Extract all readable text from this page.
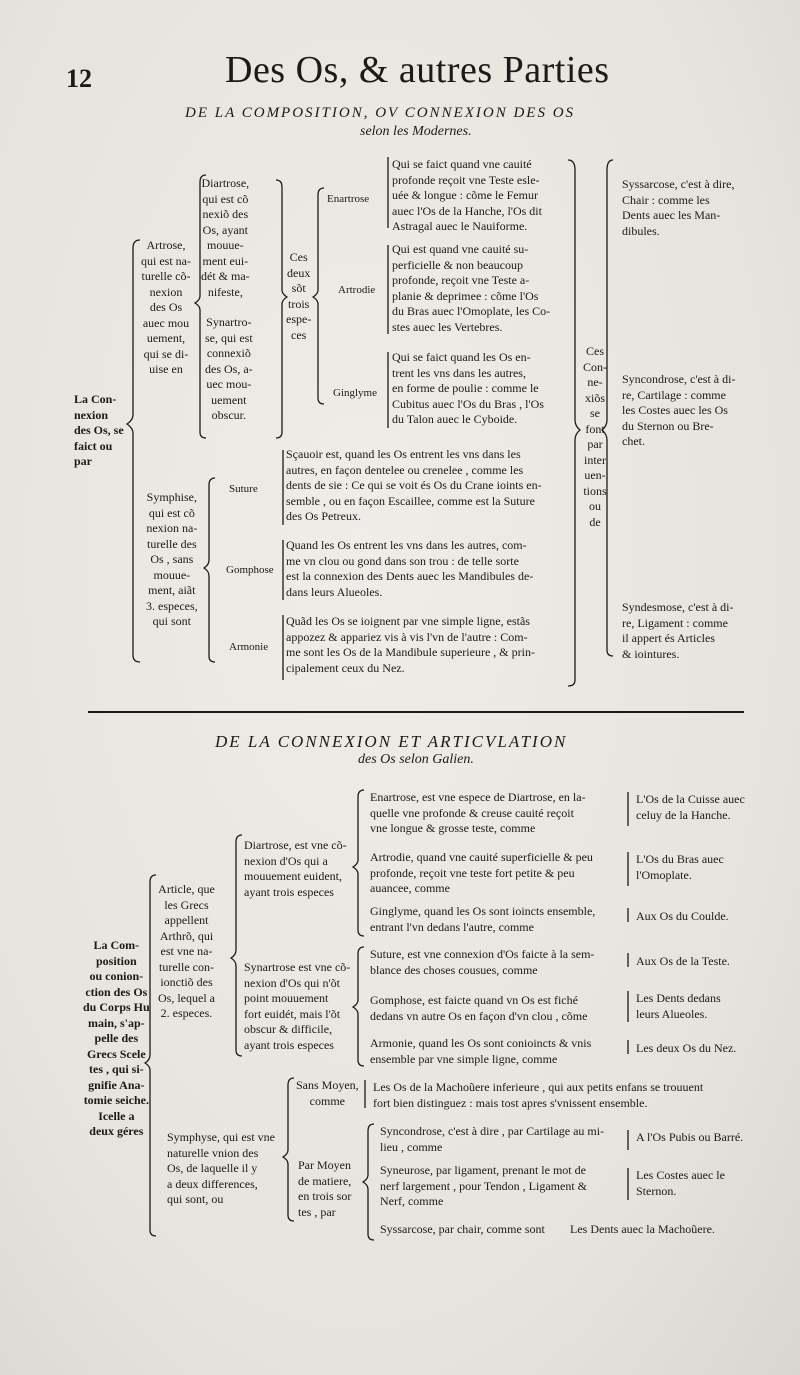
12	Des Os, & autres Parties
DE LA COMPOSITION, OV CONNEXION DES OS
selon les Modernes.
La Con-
nexion
des Os, se
faict ou
par
Artrose,
qui est na-
turelle cõ-
nexion
des Os
auec mou
uement,
qui se di-
uise en
Diartrose,
qui est cõ
nexiõ des
Os, ayant
mouue-
ment eui-
dét & ma-
nifeste,
Synartro-
se, qui est
connexiõ
des Os, a-
uec mou-
uement
obscur.
Ces
deux
sõt
trois
espe-
ces
Enartrose
Qui se faict quand vne cauité
profonde reçoit vne Teste esle-
uée & longue : cõme le Femur
auec l'Os de la Hanche, l'Os dit
Astragal auec le Nauiforme.
Artrodie
Qui est quand vne cauité su-
perficielle & non beaucoup
profonde, reçoit vne Teste a-
planie & deprimee : cõme l'Os
du Bras auec l'Omoplate, les Co-
stes auec les Vertebres.
Ginglyme
Qui se faict quand les Os en-
trent les vns dans les autres,
en forme de poulie : comme le
Cubitus auec l'Os du Bras , l'Os
du Talon auec le Cyboide.
Symphise,
qui est cõ
nexion na-
turelle des
Os , sans
mouue-
ment, aiãt
3. especes,
qui sont
Suture
Sçauoir est, quand les Os entrent les vns dans les
autres, en façon dentelee ou crenelee , comme les
dents de sie : Ce qui se voit és Os du Crane ioints en-
semble , ou en façon Escaillee, comme est la Suture
des Os Petreux.
Gomphose
Quand les Os entrent les vns dans les autres, com-
me vn clou ou gond dans son trou : de telle sorte
est la connexion des Dents auec les Mandibules de-
dans leurs Alueoles.
Armonie
Quãd les Os se ioignent par vne simple ligne, estãs
appozez & appariez vis à vis l'vn de l'autre : Com-
me sont les Os de la Mandibule superieure , & prin-
cipalement ceux du Nez.
Ces
Con-
ne-
xiõs
se
font
par
inter
uen-
tions
ou
de
Syssarcose, c'est à dire,
Chair : comme les
Dents auec les Man-
dibules.
Syncondrose, c'est à di-
re, Cartilage : comme
les Costes auec les Os
du Sternon ou Bre-
chet.
Syndesmose, c'est à di-
re, Ligament : comme
il appert és Articles
& iointures.
DE LA CONNEXION ET ARTICVLATION
des Os selon Galien.
La Com-
position
ou conion-
ction des Os
du Corps Hu
main, s'ap-
pelle des
Grecs Scele
tes , qui si-
gnifie Ana-
tomie seiche.
Icelle a
deux géres
Article, que
les Grecs
appellent
Arthrõ, qui
est vne na-
turelle con-
ionctiõ des
Os, lequel a
2. especes.
Diartrose, est vne cõ-
nexion d'Os qui a
mouuement euident,
ayant trois especes
Enartrose, est vne espece de Diartrose, en la-
quelle vne profonde & creuse cauité reçoit
vne longue & grosse teste, comme
L'Os de la Cuisse auec
celuy de la Hanche.
Artrodie, quand vne cauité superficielle & peu
profonde, reçoit vne teste fort petite & peu
auancee, comme
L'Os du Bras auec
l'Omoplate.
Ginglyme, quand les Os sont ioincts ensemble,
entrant l'vn dedans l'autre, comme
Aux Os du Coulde.
Synartrose est vne cõ-
nexion d'Os qui n'õt
point mouuement
fort euidét, mais l'õt
obscur & difficile,
ayant trois especes
Suture, est vne connexion d'Os faicte à la sem-
blance des choses cousues, comme
Aux Os de la Teste.
Gomphose, est faicte quand vn Os est fiché
dedans vn autre Os en façon d'vn clou , cõme
Les Dents dedans
leurs Alueoles.
Armonie, quand les Os sont conioincts & vnis
ensemble par vne simple ligne, comme
Les deux Os du Nez.
Symphyse, qui est vne
naturelle vnion des
Os, de laquelle il y
a deux differences,
qui sont, ou
Sans Moyen,
comme
Les Os de la Machoũere inferieure , qui aux petits enfans se trouuent
fort bien distinguez : mais tost apres s'vnissent ensemble.
Par Moyen
de matiere,
en trois sor
tes , par
Syncondrose, c'est à dire , par Cartilage au mi-
lieu , comme
A l'Os Pubis ou Barré.
Syneurose, par ligament, prenant le mot de
nerf largement , pour Tendon , Ligament &
Nerf, comme
Les Costes auec le
Sternon.
Syssarcose, par chair, comme sont Les Dents auec la Machoũere.
